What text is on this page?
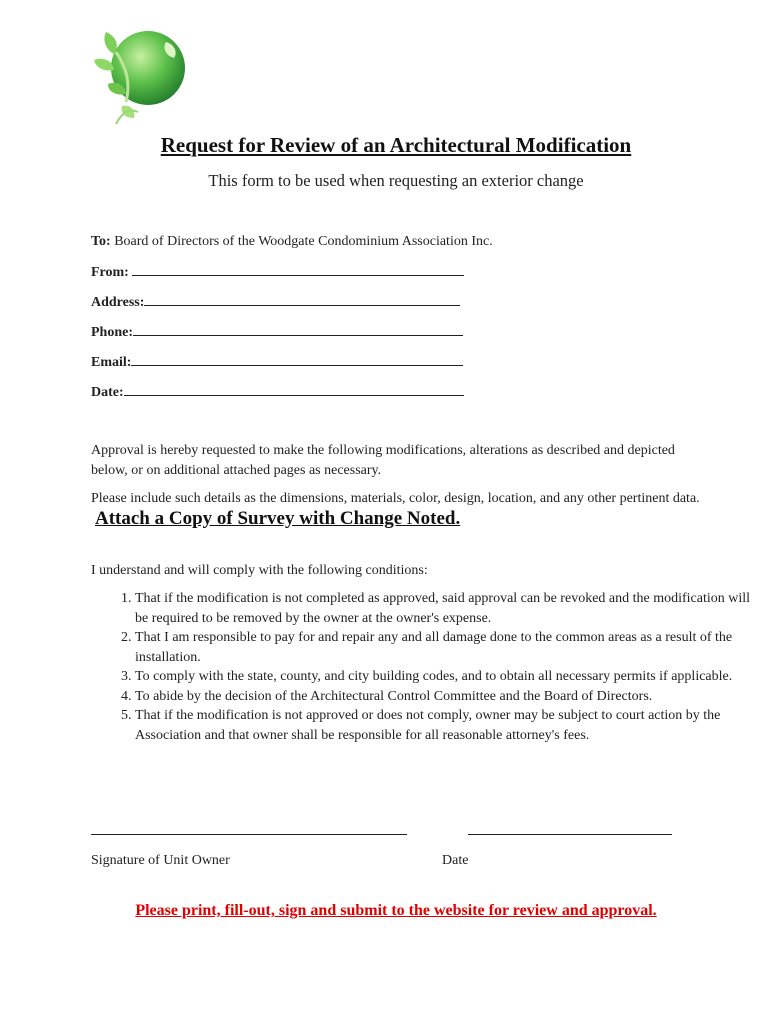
Request for Review of an Architectural Modification
This form to be used when requesting an exterior change
To: Board of Directors of the Woodgate Condominium Association Inc.
From:
Address:
Phone:
Email:
Date:
Approval is hereby requested to make the following modifications, alterations as described and depicted below, or on additional attached pages as necessary.
Please include such details as the dimensions, materials, color, design, location, and any other pertinent data. Attach a Copy of Survey with Change Noted.
I understand and will comply with the following conditions:
1. That if the modification is not completed as approved, said approval can be revoked and the modification will be required to be removed by the owner at the owner's expense.
2. That I am responsible to pay for and repair any and all damage done to the common areas as a result of the installation.
3. To comply with the state, county, and city building codes, and to obtain all necessary permits if applicable.
4. To abide by the decision of the Architectural Control Committee and the Board of Directors.
5. That if the modification is not approved or does not comply, owner may be subject to court action by the Association and that owner shall be responsible for all reasonable attorney's fees.
Signature of Unit Owner	Date
Please print, fill-out, sign and submit to the website for review and approval.
